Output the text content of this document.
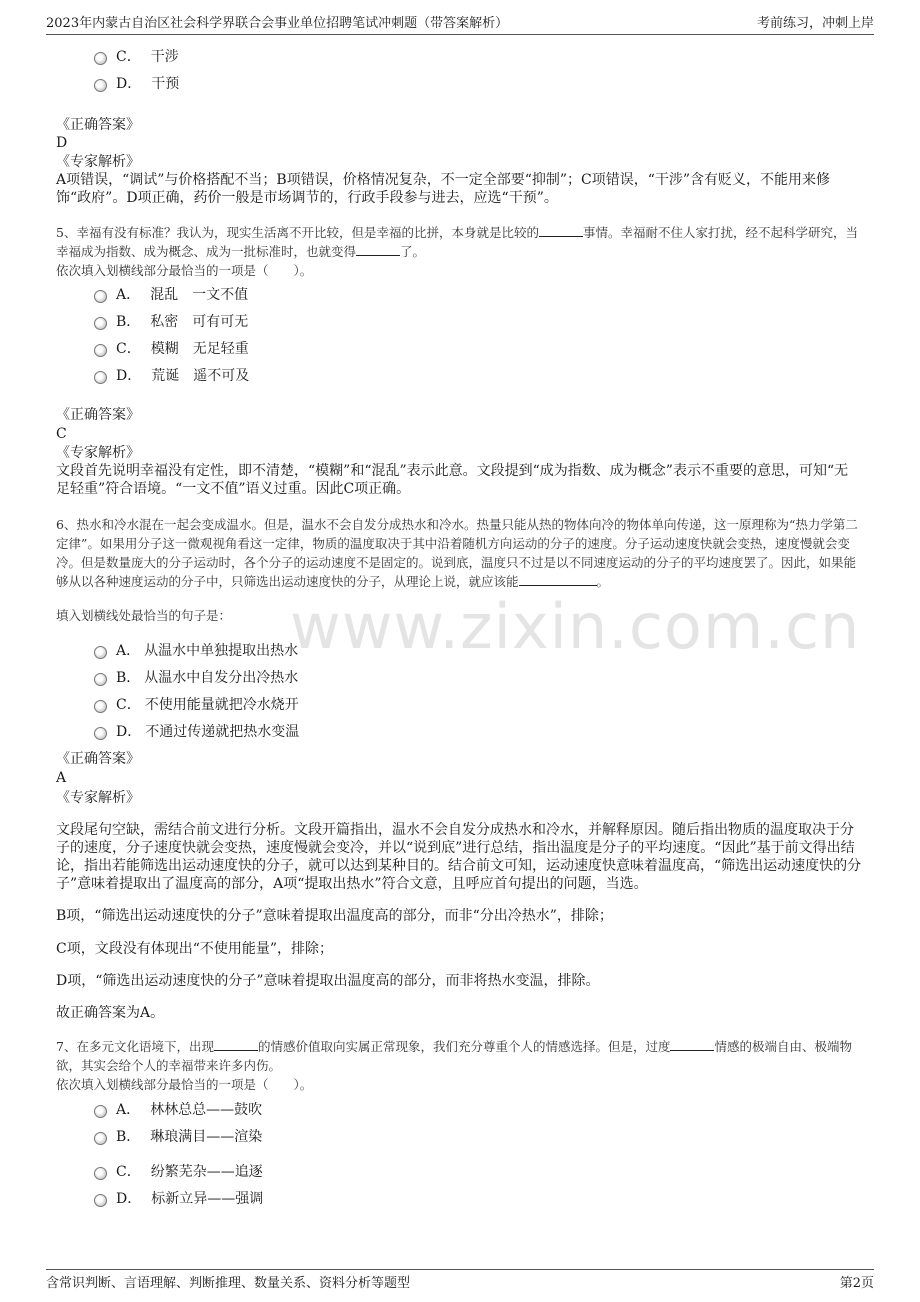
2023年内蒙古自治区社会科学界联合会事业单位招聘笔试冲刺题（带答案解析）	考前练习，冲刺上岸
www.zixin.com.cn
C． 干涉
D． 干预
《正确答案》
D
《专家解析》
A项错误，“调试”与价格搭配不当；B项错误，价格情况复杂，不一定全部要“抑制”；C项错误，“干涉”含有贬义，不能用来修饰“政府”。D项正确，药价一般是市场调节的，行政手段参与进去，应选“干预”。
5、幸福有没有标准？我认为，现实生活离不开比较，但是幸福的比拼，本身就是比较的	事情。幸福耐不住人家打扰，经不起科学研究，当幸福成为指数、成为概念、成为一批标准时，也就变得	了。
依次填入划横线部分最恰当的一项是（　　）。
A． 混乱 一文不值
B． 私密 可有可无
C． 模糊 无足轻重
D． 荒诞 遥不可及
《正确答案》
C
《专家解析》
文段首先说明幸福没有定性，即不清楚，“模糊”和“混乱”表示此意。文段提到“成为指数、成为概念”表示不重要的意思，可知“无足轻重”符合语境。“一文不值”语义过重。因此C项正确。
6、热水和冷水混在一起会变成温水。但是，温水不会自发分成热水和冷水。热量只能从热的物体向冷的物体单向传递，这一原理称为“热力学第二定律”。如果用分子这一微观视角看这一定律，物质的温度取决于其中沿着随机方向运动的分子的速度。分子运动速度快就会变热，速度慢就会变冷。但是数量庞大的分子运动时，各个分子的运动速度不是固定的。说到底，温度只不过是以不同速度运动的分子的平均速度罢了。因此，如果能够从以各种速度运动的分子中，只筛选出运动速度快的分子，从理论上说，就应该能	。
填入划横线处最恰当的句子是：
A． 从温水中单独提取出热水
B． 从温水中自发分出冷热水
C． 不使用能量就把冷水烧开
D． 不通过传递就把热水变温
《正确答案》
A
《专家解析》
文段尾句空缺，需结合前文进行分析。文段开篇指出，温水不会自发分成热水和冷水，并解释原因。随后指出物质的温度取决于分子的速度，分子速度快就会变热，速度慢就会变冷，并以“说到底”进行总结，指出温度是分子的平均速度。“因此”基于前文得出结论，指出若能筛选出运动速度快的分子，就可以达到某种目的。结合前文可知，运动速度快意味着温度高，“筛选出运动速度快的分子”意味着提取出了温度高的部分，A项“提取出热水”符合文意，且呼应首句提出的问题，当选。
B项，“筛选出运动速度快的分子”意味着提取出温度高的部分，而非“分出冷热水”，排除；
C项，文段没有体现出“不使用能量”，排除；
D项，“筛选出运动速度快的分子”意味着提取出温度高的部分，而非将热水变温，排除。
故正确答案为A。
7、在多元文化语境下，出现	的情感价值取向实属正常现象，我们充分尊重个人的情感选择。但是，过度	情感的极端自由、极端物欲，其实会给个人的幸福带来许多内伤。
依次填入划横线部分最恰当的一项是（　　）。
A． 林林总总——鼓吹
B． 琳琅满目——渲染
C． 纷繁芜杂——追逐
D． 标新立异——强调
含常识判断、言语理解、判断推理、数量关系、资料分析等题型	第2页
